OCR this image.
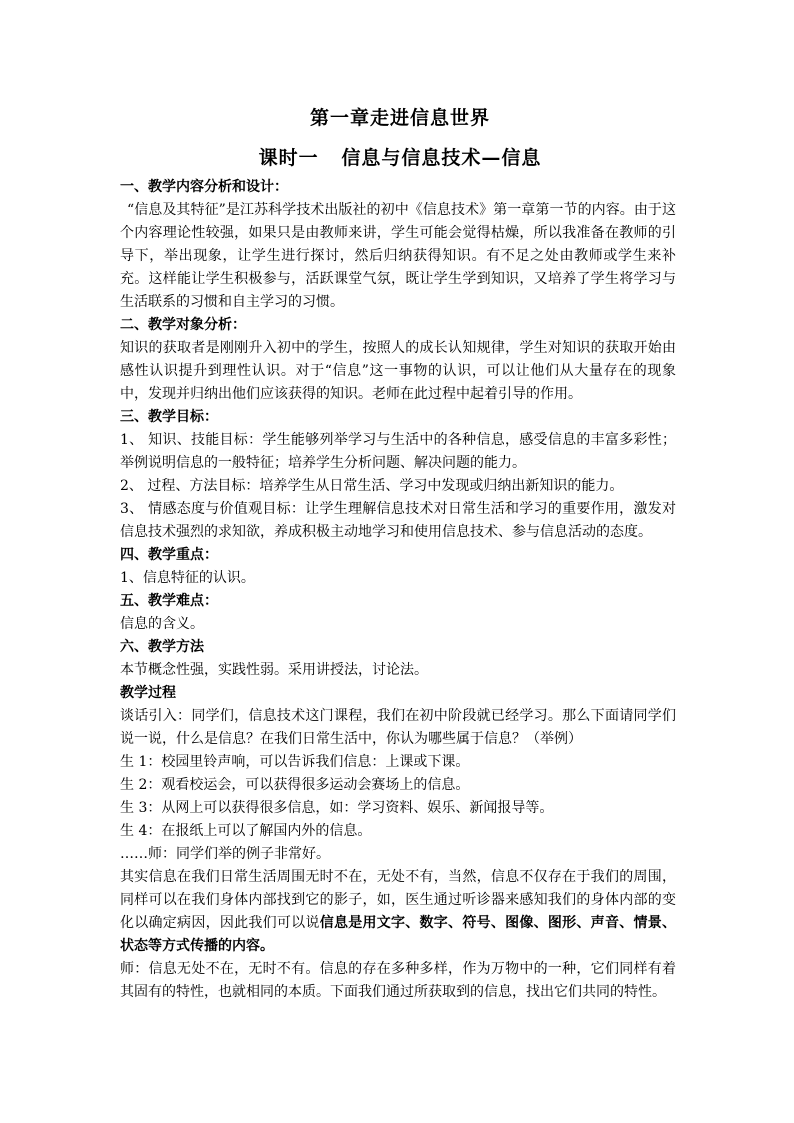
第一章走进信息世界
课时一   信息与信息技术—信息

一、教学内容分析和设计：

“信息及其特征”是江苏科学技术出版社的初中《信息技术》第一章第一节的内容。由于这个内容理论性较强，如果只是由教师来讲，学生可能会觉得枯燥，所以我准备在教师的引导下，举出现象，让学生进行探讨，然后归纳获得知识。有不足之处由教师或学生来补充。这样能让学生积极参与，活跃课堂气氛，既让学生学到知识，又培养了学生将学习与生活联系的习惯和自主学习的习惯。

二、教学对象分析：

知识的获取者是刚刚升入初中的学生，按照人的成长认知规律，学生对知识的获取开始由感性认识提升到理性认识。对于“信息”这一事物的认识，可以让他们从大量存在的现象中，发现并归纳出他们应该获得的知识。老师在此过程中起着引导的作用。

三、教学目标：

1、 知识、技能目标：学生能够列举学习与生活中的各种信息，感受信息的丰富多彩性；举例说明信息的一般特征；培养学生分析问题、解决问题的能力。

2、 过程、方法目标：培养学生从日常生活、学习中发现或归纳出新知识的能力。

3、 情感态度与价值观目标：让学生理解信息技术对日常生活和学习的重要作用，激发对信息技术强烈的求知欲，养成积极主动地学习和使用信息技术、参与信息活动的态度。

四、教学重点：

1、信息特征的认识。

五、教学难点：

信息的含义。

六、教学方法

本节概念性强，实践性弱。采用讲授法，讨论法。

教学过程

谈话引入：同学们，信息技术这门课程，我们在初中阶段就已经学习。那么下面请同学们说一说，什么是信息？在我们日常生活中，你认为哪些属于信息？（举例）

生 1：校园里铃声响，可以告诉我们信息：上课或下课。

生 2：观看校运会，可以获得很多运动会赛场上的信息。

生 3：从网上可以获得很多信息，如：学习资料、娱乐、新闻报导等。

生 4：在报纸上可以了解国内外的信息。

……师：同学们举的例子非常好。

其实信息在我们日常生活周围无时不在，无处不有，当然，信息不仅存在于我们的周围，同样可以在我们身体内部找到它的影子，如，医生通过听诊器来感知我们的身体内部的变化以确定病因，因此我们可以说信息是用文字、数字、符号、图像、图形、声音、情景、状态等方式传播的内容。

师：信息无处不在，无时不有。信息的存在多种多样，作为万物中的一种，它们同样有着其固有的特性，也就相同的本质。下面我们通过所获取到的信息，找出它们共同的特性。
